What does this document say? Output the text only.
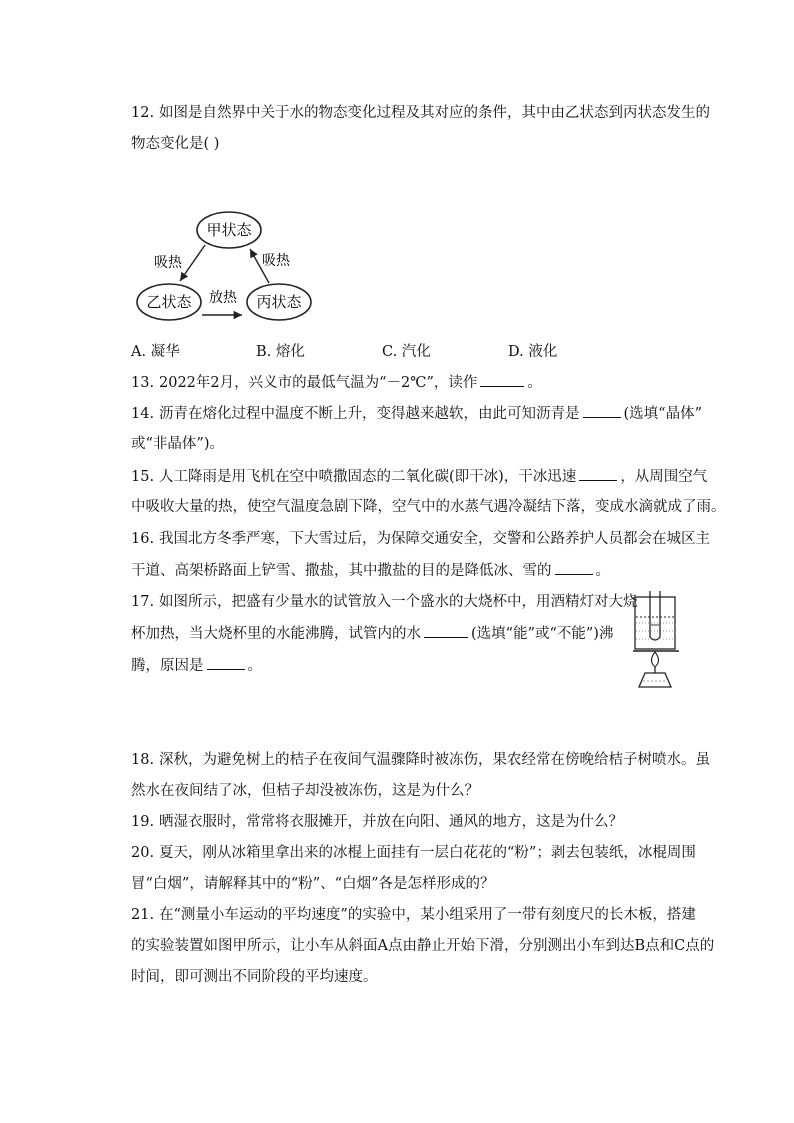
12. 如图是自然界中关于水的物态变化过程及其对应的条件，其中由乙状态到丙状态发生的
物态变化是( )
甲状态
乙状态	丙状态
吸热	吸热
放热
A. 凝华	B. 熔化	C. 汽化	D. 液化
13. 2022年2月，兴义市的最低气温为“－2℃”，读作	。
14. 沥青在熔化过程中温度不断上升，变得越来越软，由此可知沥青是	(选填“晶体”
或“非晶体”)。
15. 人工降雨是用飞机在空中喷撒固态的二氧化碳(即干冰)，干冰迅速	，从周围空气
中吸收大量的热，使空气温度急剧下降，空气中的水蒸气遇冷凝结下落，变成水滴就成了雨。
16. 我国北方冬季严寒，下大雪过后，为保障交通安全，交警和公路养护人员都会在城区主
干道、高架桥路面上铲雪、撒盐，其中撒盐的目的是降低冰、雪的	。
17. 如图所示，把盛有少量水的试管放入一个盛水的大烧杯中，用酒精灯对大烧
杯加热，当大烧杯里的水能沸腾，试管内的水	(选填“能”或“不能”)沸
腾，原因是	。
18. 深秋，为避免树上的桔子在夜间气温骤降时被冻伤，果农经常在傍晚给桔子树喷水。虽
然水在夜间结了冰，但桔子却没被冻伤，这是为什么？
19. 晒湿衣服时，常常将衣服摊开，并放在向阳、通风的地方，这是为什么？
20. 夏天，刚从冰箱里拿出来的冰棍上面挂有一层白花花的“粉”；剥去包装纸，冰棍周围
冒“白烟”，请解释其中的“粉”、“白烟”各是怎样形成的？
21. 在“测量小车运动的平均速度”的实验中，某小组采用了一带有刻度尺的长木板，搭建
的实验装置如图甲所示，让小车从斜面A点由静止开始下滑，分别测出小车到达B点和C点的
时间，即可测出不同阶段的平均速度。
